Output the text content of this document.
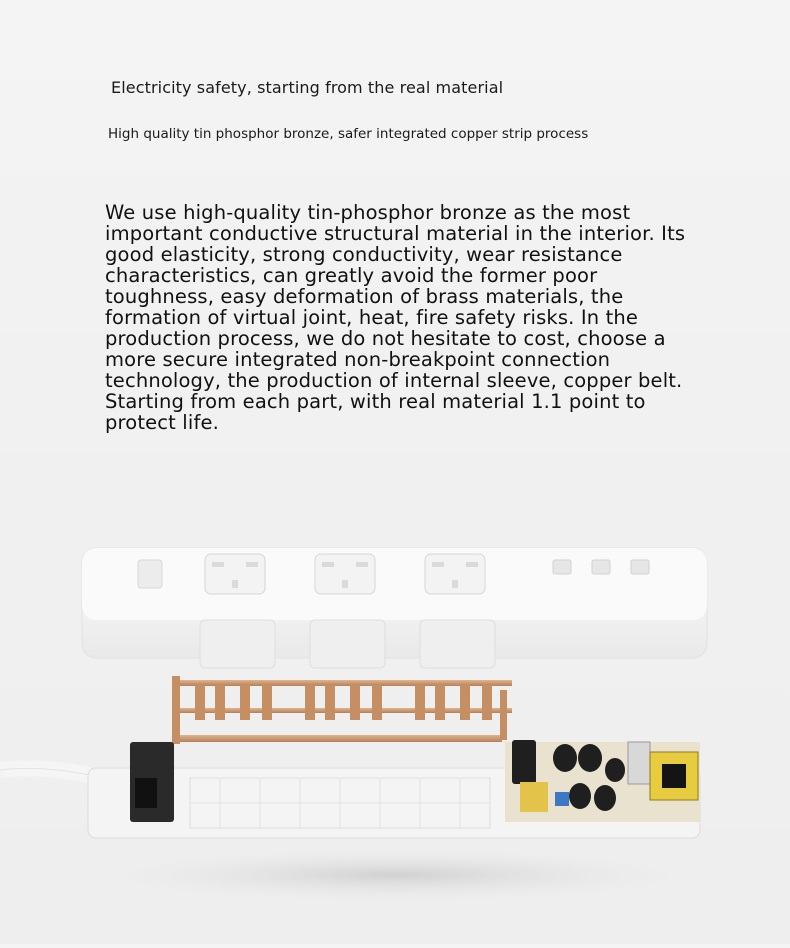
Electricity safety, starting from the real material
High quality tin phosphor bronze, safer integrated copper strip process
We use high-quality tin-phosphor bronze as the most important conductive structural material in the interior. Its good elasticity, strong conductivity, wear resistance characteristics, can greatly avoid the former poor toughness, easy deformation of brass materials, the formation of virtual joint, heat, fire safety risks. In the production process, we do not hesitate to cost, choose a more secure integrated non-breakpoint connection technology, the production of internal sleeve, copper belt. Starting from each part, with real material 1.1 point to protect life.
